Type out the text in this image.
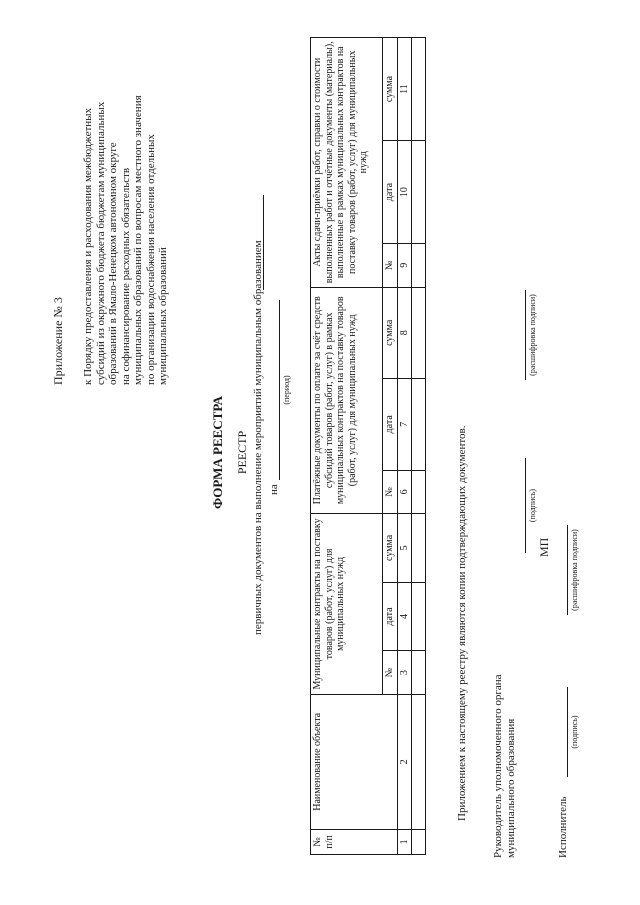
Приложение № 3 к Порядку предоставления и расходования межбюджетных субсидий из окружного бюджета бюджетам муниципальных образований в Ямало-Ненецком автономном округе на софинансирование расходных обязательств муниципальных образований по вопросам местного значения по организации водоснабжения населения отдельных муниципальных образований
ФОРМА РЕЕСТРА РЕЕСТР первичных документов на выполнение мероприятий муниципальным образованием на
(период)
№ п/п	Наименование объекта	Муниципальные контракты на поставку товаров (работ, услуг) для муниципальных нужд			Платёжные документы по оплате за счёт средств субсидий товаров (работ, услуг) в рамках муниципальных контрактов на поставку товаров (работ, услуг) для муниципальных нужд			Акты сдачи-приёмки работ, справки о стоимости выполненных работ и отчётные документы (материалы), выполненные в рамках муниципальных контрактов на поставку товаров (работ, услуг) для муниципальных нужд		
		№	дата	сумма	№	дата	сумма	№	дата	сумма
1	2	3	4	5	6	7	8	9	10	11

Приложением к настоящему реестру являются копии подтверждающих документов. Руководитель уполномоченного органа муниципального образования
(подпись)
(расшифровка подписи)
МП
Исполнитель
(подпись)
(расшифровка подписи)
